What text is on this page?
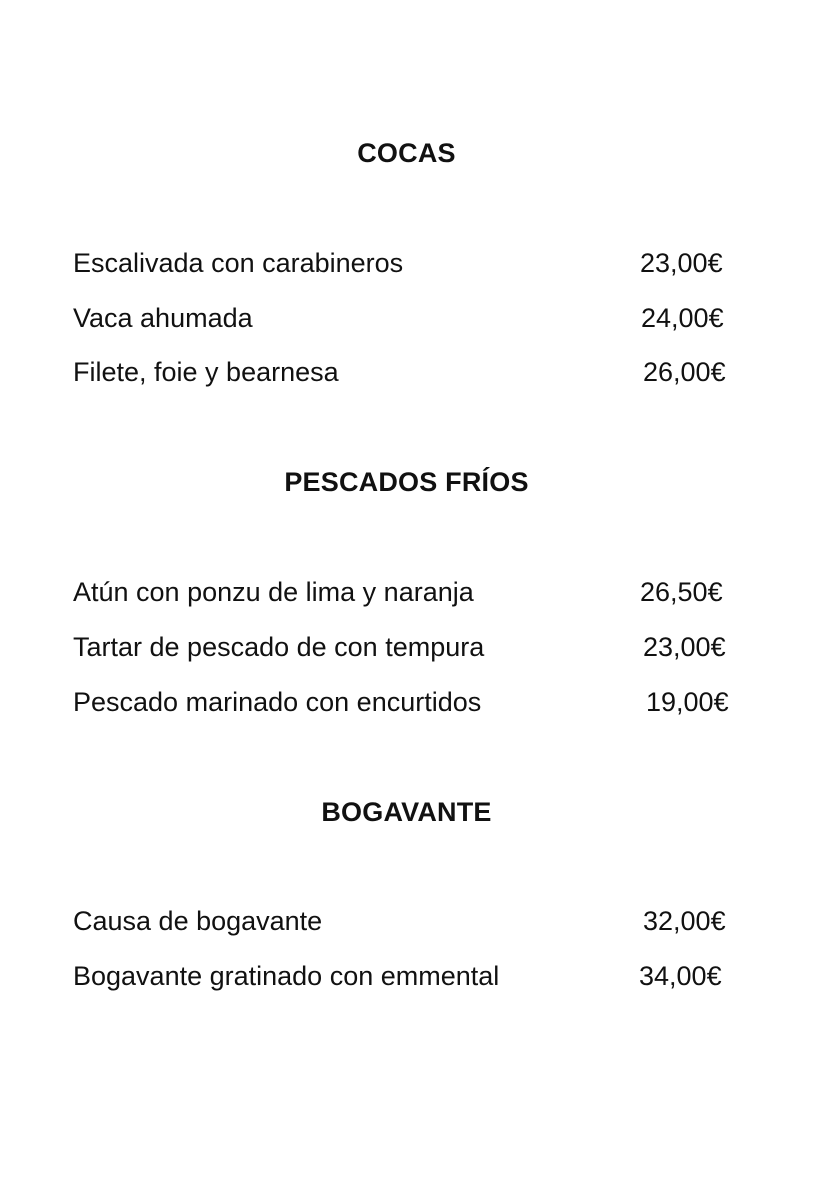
COCAS
Escalivada con carabineros	23,00€
Vaca ahumada	24,00€
Filete, foie y bearnesa	26,00€
PESCADOS FRÍOS
Atún con ponzu de lima y naranja	26,50€
Tartar de pescado de con tempura	23,00€
Pescado marinado con encurtidos	19,00€
BOGAVANTE
Causa de bogavante	32,00€
Bogavante gratinado con emmental	34,00€
